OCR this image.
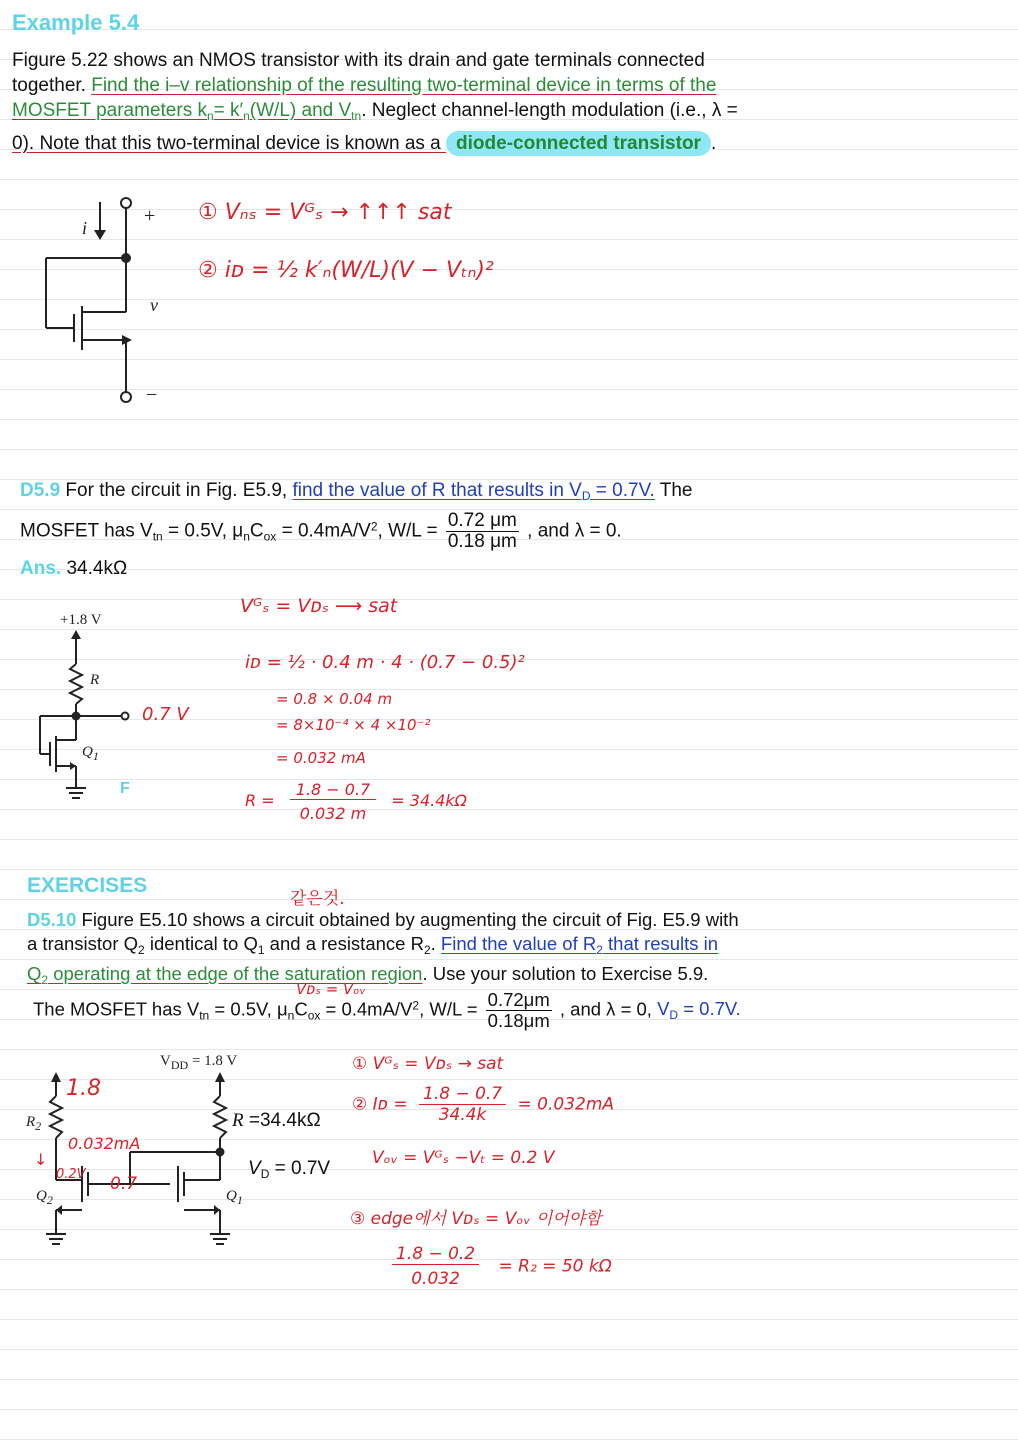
Example 5.4
Figure 5.22 shows an NMOS transistor with its drain and gate terminals connected
together. Find the i–v relationship of the resulting two-terminal device in terms of the
MOSFET parameters $k_n= k'_n(W/L)$ and $V_{tn}$. Neglect channel-length modulation (i.e., λ =
0). Note that this two-terminal device is known as a diode-connected transistor .
i
+
v
−
① Vₙₛ = Vᴳₛ → ↑↑↑ sat
② iᴅ = ½ k′ₙ(W/L)(V − Vₜₙ)²
D5.9 For the circuit in Fig. E5.9, find the value of R that results in $V_D = 0.7V$. The
MOSFET has $V_{tn} = 0.5V$, $\mu_nC_{ox} = 0.4mA/V^2$, $W/L = \frac{0.72 \mu m}{0.18 \mu m}$ , and λ = 0.
Ans. 34.4kΩ
+1.8 V
R
$Q_1$
F
0.7 V
Vᴳₛ = Vᴅₛ ⟶ sat
iᴅ = ½ · 0.4 m · 4 · (0.7 − 0.5)²
= 0.8 × 0.04 m
= 8×10⁻⁴ × 4 ×10⁻²
= 0.032 mA
$R = \frac{1.8 - 0.7}{0.032 m} = 34.4k\Omega$
EXERCISES
같은것.
D5.10 Figure E5.10 shows a circuit obtained by augmenting the circuit of Fig. E5.9 with
a transistor $Q_2$ identical to $Q_1$ and a resistance $R_2$. Find the value of $R_2$ that results in
$Q_2$ operating at the edge of the saturation region. Use your solution to Exercise 5.9.
Vᴅₛ = Vₒᵥ
The MOSFET has $V_{tn} = 0.5V$, $\mu_nC_{ox} = 0.4mA/V^2$, $W/L = \frac{0.72\mu m}{0.18\mu m}$ , and λ = 0, $V_D = 0.7V$.
$V_{DD} = 1.8$ V
$R_2$
$Q_2$	$Q_1$
R =34.4kΩ
$V_D = 0.7V$
1.8
0.032mA
↓
0.2V 0.7
① Vᴳₛ = Vᴅₛ → sat
② Iᴅ = $\frac{1.8 - 0.7}{34.4k} = 0.032mA$
Vₒᵥ = Vᴳₛ −Vₜ = 0.2 V
③ edge에서 Vᴅₛ = Vₒᵥ 이어야함
$\frac{1.8 - 0.2}{0.032} = R_2 = 50$ kΩ
